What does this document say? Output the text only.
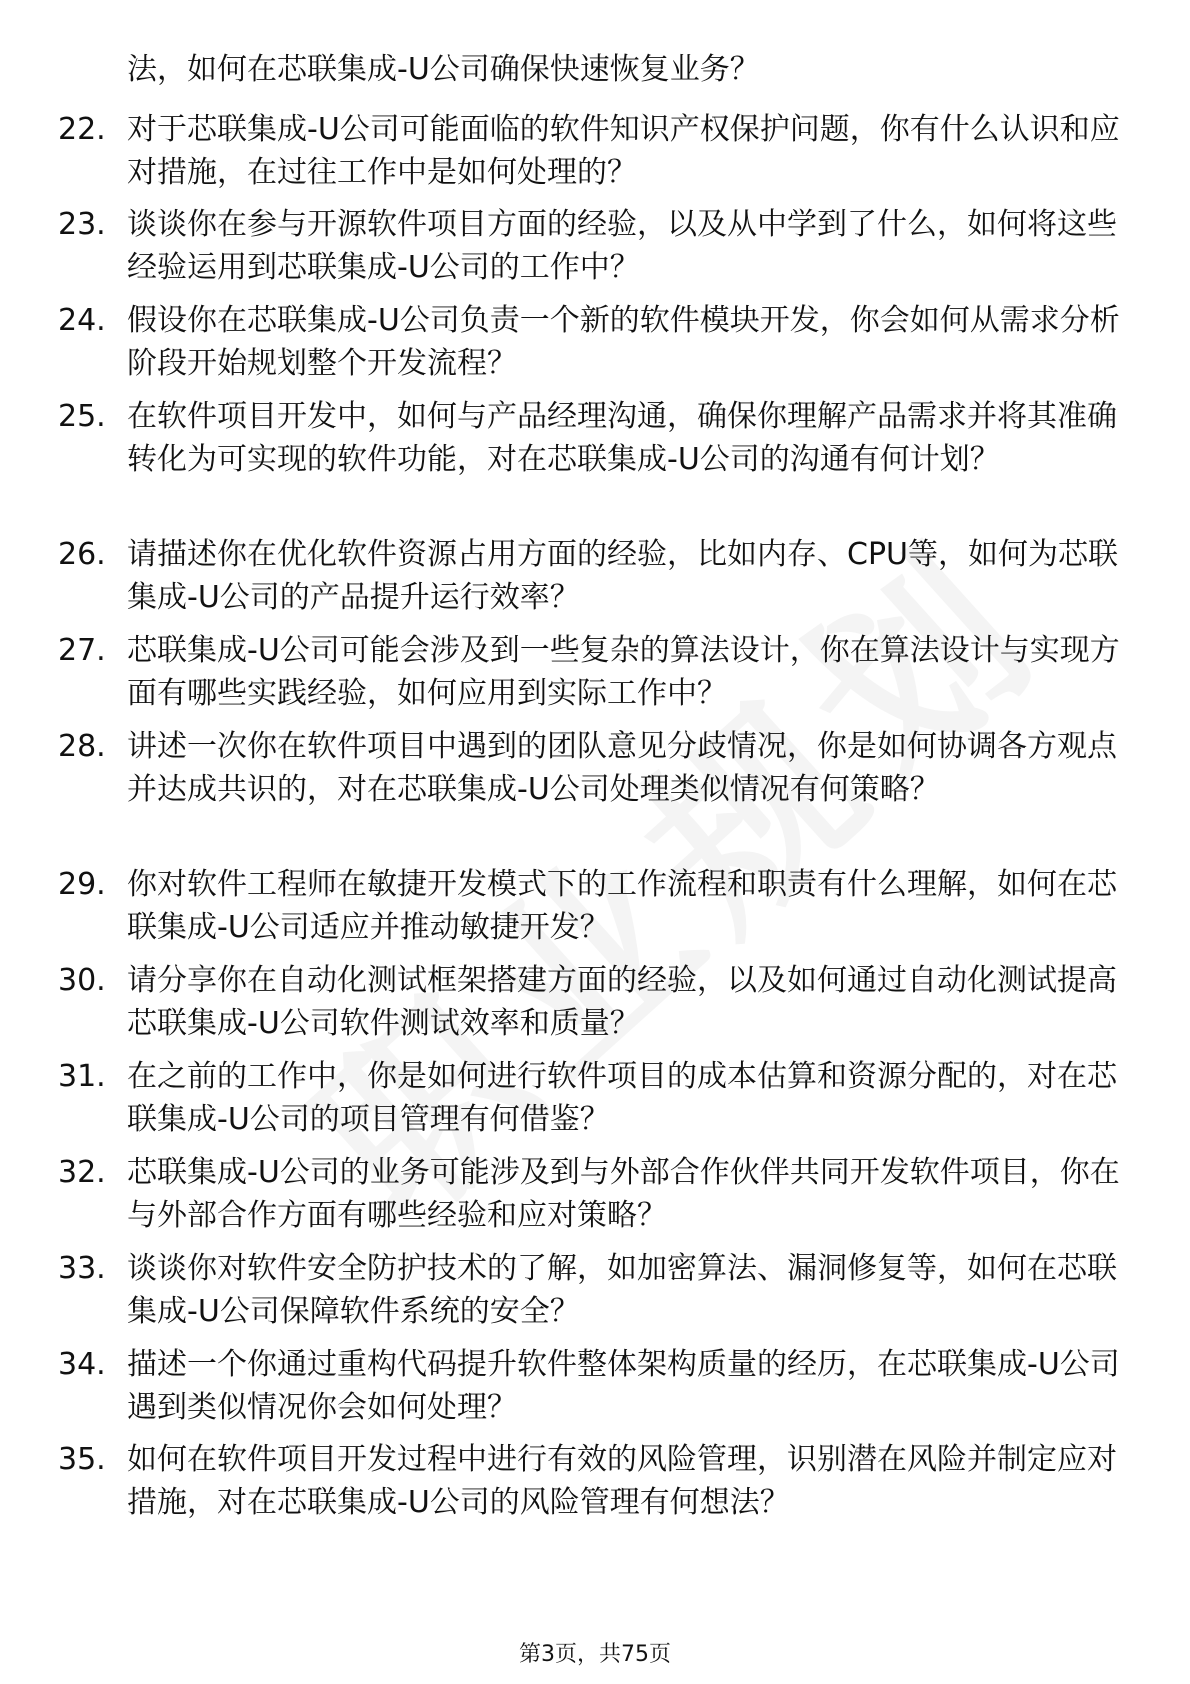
法，如何在芯联集成-U公司确保快速恢复业务？
22. 对于芯联集成-U公司可能面临的软件知识产权保护问题，你有什么认识和应对措施，在过往工作中是如何处理的？
23. 谈谈你在参与开源软件项目方面的经验，以及从中学到了什么，如何将这些经验运用到芯联集成-U公司的工作中？
24. 假设你在芯联集成-U公司负责一个新的软件模块开发，你会如何从需求分析阶段开始规划整个开发流程？
25. 在软件项目开发中，如何与产品经理沟通，确保你理解产品需求并将其准确转化为可实现的软件功能，对在芯联集成-U公司的沟通有何计划？
26. 请描述你在优化软件资源占用方面的经验，比如内存、CPU等，如何为芯联集成-U公司的产品提升运行效率？
27. 芯联集成-U公司可能会涉及到一些复杂的算法设计，你在算法设计与实现方面有哪些实践经验，如何应用到实际工作中？
28. 讲述一次你在软件项目中遇到的团队意见分歧情况，你是如何协调各方观点并达成共识的，对在芯联集成-U公司处理类似情况有何策略？
29. 你对软件工程师在敏捷开发模式下的工作流程和职责有什么理解，如何在芯联集成-U公司适应并推动敏捷开发？
30. 请分享你在自动化测试框架搭建方面的经验，以及如何通过自动化测试提高芯联集成-U公司软件测试效率和质量？
31. 在之前的工作中，你是如何进行软件项目的成本估算和资源分配的，对在芯联集成-U公司的项目管理有何借鉴？
32. 芯联集成-U公司的业务可能涉及到与外部合作伙伴共同开发软件项目，你在与外部合作方面有哪些经验和应对策略？
33. 谈谈你对软件安全防护技术的了解，如加密算法、漏洞修复等，如何在芯联集成-U公司保障软件系统的安全？
34. 描述一个你通过重构代码提升软件整体架构质量的经历，在芯联集成-U公司遇到类似情况你会如何处理？
35. 如何在软件项目开发过程中进行有效的风险管理，识别潜在风险并制定应对措施，对在芯联集成-U公司的风险管理有何想法？
第3页，共75页
